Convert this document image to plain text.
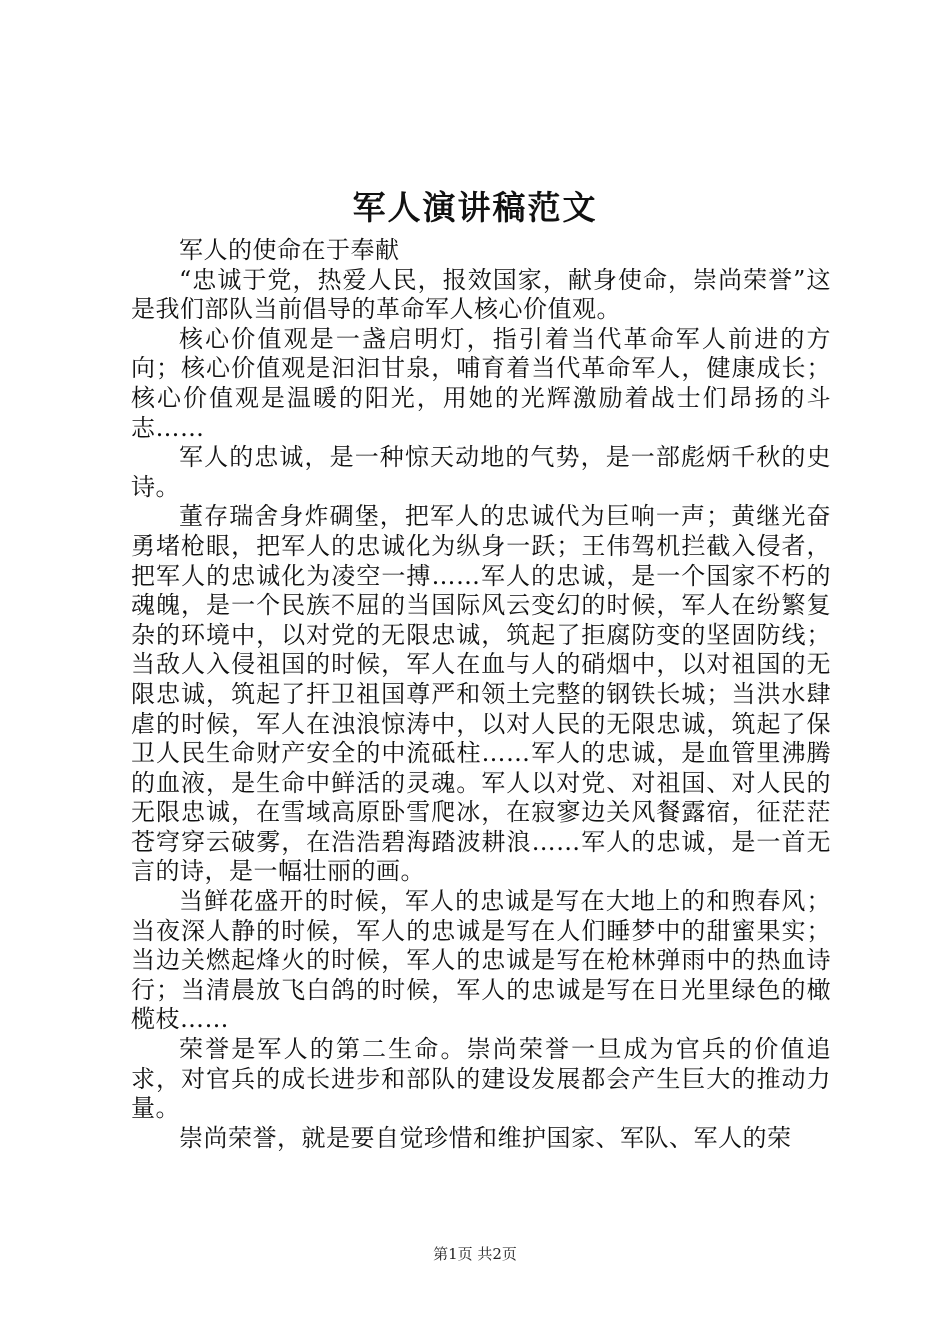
军人演讲稿范文

军人的使命在于奉献

“忠诚于党，热爱人民，报效国家，献身使命，崇尚荣誉”这是我们部队当前倡导的革命军人核心价值观。

核心价值观是一盏启明灯，指引着当代革命军人前进的方向；核心价值观是汩汩甘泉，哺育着当代革命军人，健康成长；核心价值观是温暖的阳光，用她的光辉激励着战士们昂扬的斗志……

军人的忠诚，是一种惊天动地的气势，是一部彪炳千秋的史诗。

董存瑞舍身炸碉堡，把军人的忠诚代为巨响一声；黄继光奋勇堵枪眼，把军人的忠诚化为纵身一跃；王伟驾机拦截入侵者，把军人的忠诚化为凌空一搏……军人的忠诚，是一个国家不朽的魂魄，是一个民族不屈的当国际风云变幻的时候，军人在纷繁复杂的环境中，以对党的无限忠诚，筑起了拒腐防变的坚固防线；当敌人入侵祖国的时候，军人在血与人的硝烟中，以对祖国的无限忠诚，筑起了扞卫祖国尊严和领土完整的钢铁长城；当洪水肆虐的时候，军人在浊浪惊涛中，以对人民的无限忠诚，筑起了保卫人民生命财产安全的中流砥柱……军人的忠诚，是血管里沸腾的血液，是生命中鲜活的灵魂。军人以对党、对祖国、对人民的无限忠诚，在雪域高原卧雪爬冰，在寂寥边关风餐露宿，征茫茫苍穹穿云破雾，在浩浩碧海踏波耕浪……军人的忠诚，是一首无言的诗，是一幅壮丽的画。

当鲜花盛开的时候，军人的忠诚是写在大地上的和煦春风；当夜深人静的时候，军人的忠诚是写在人们睡梦中的甜蜜果实；当边关燃起烽火的时候，军人的忠诚是写在枪林弹雨中的热血诗行；当清晨放飞白鸽的时候，军人的忠诚是写在日光里绿色的橄榄枝……

荣誉是军人的第二生命。崇尚荣誉一旦成为官兵的价值追求，对官兵的成长进步和部队的建设发展都会产生巨大的推动力量。

崇尚荣誉，就是要自觉珍惜和维护国家、军队、军人的荣

第1页 共2页
